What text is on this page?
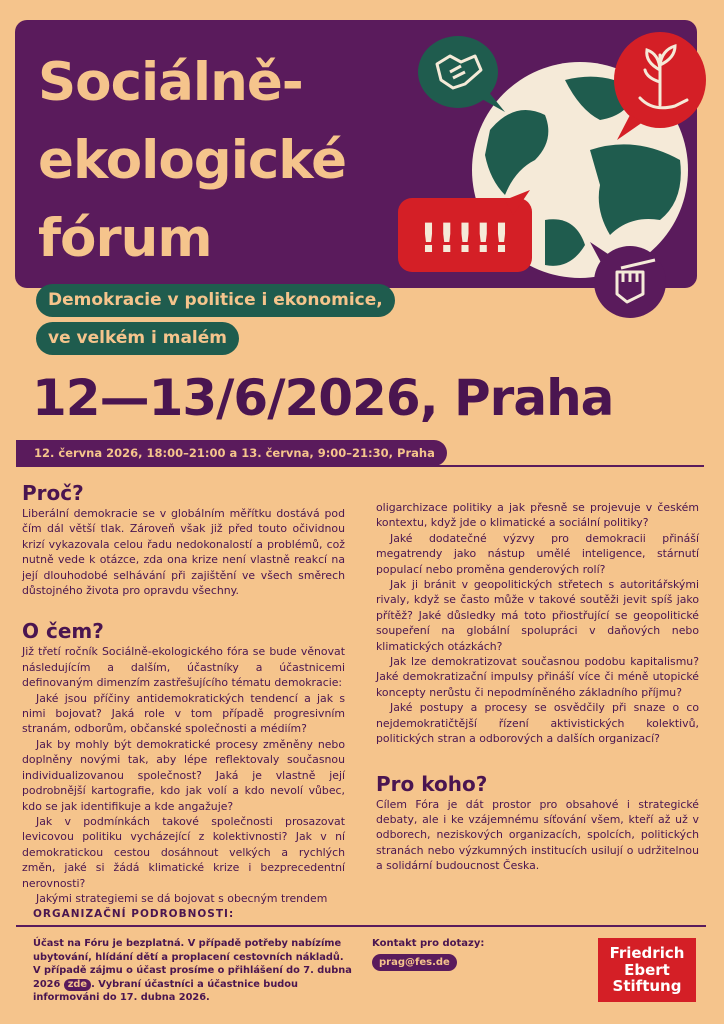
Sociálně-
ekologické
fórum	!!!!!
Demokracie v politice i ekonomice,
ve velkém i malém
12—13/6/2026, Praha
12. června 2026, 18:00–21:00 a 13. června, 9:00–21:30, Praha
Proč?

Liberální demokracie se v globálním měřítku dostává pod čím dál větší tlak. Zároveň však již před touto očividnou krizí vykazovala celou řadu nedokonalostí a problémů, což nutně vede k otázce, zda ona krize není vlastně reakcí na její dlouhodobé selhávání při zajištění ve všech směrech důstojného života pro opravdu všechny.

O čem?

Již třetí ročník Sociálně-ekologického fóra se bude věnovat následujícím a dalším, účastníky a účastnicemi definovaným dimenzím zastřešujícího tématu demokracie:

Jaké jsou příčiny antidemokratických tendencí a jak s nimi bojovat? Jaká role v tom případě progresivním stranám, odborům, občanské společnosti a médiím?

Jak by mohly být demokratické procesy změněny nebo doplněny novými tak, aby lépe reflektovaly současnou individualizovanou společnost? Jaká je vlastně její podrobnější kartografie, kdo jak volí a kdo nevolí vůbec, kdo se jak identifikuje a kde angažuje?

Jak v podmínkách takové společnosti prosazovat levicovou politiku vycházející z kolektivnosti? Jak v ní demokratickou cestou dosáhnout velkých a rychlých změn, jaké si žádá klimatické krize i bezprecedentní nerovnosti?

Jakými strategiemi se dá bojovat s obecným trendem

oligarchizace politiky a jak přesně se projevuje v českém kontextu, když jde o klimatické a sociální politiky?

Jaké dodatečné výzvy pro demokracii přináší megatrendy jako nástup umělé inteligence, stárnutí populací nebo proměna genderových rolí?

Jak ji bránit v geopolitických střetech s autoritářskými rivaly, když se často může v takové soutěži jevit spíš jako přítěž? Jaké důsledky má toto přiostřující se geopolitické soupeření na globální spolupráci v daňových nebo klimatických otázkách?

Jak lze demokratizovat současnou podobu kapitalismu? Jaké demokratizační impulsy přináší více či méně utopické koncepty nerůstu či nepodmíněného základního příjmu?

Jaké postupy a procesy se osvědčily při snaze o co nejdemokratičtější řízení aktivistických kolektivů, politických stran a odborových a dalších organizací?

Pro koho?

Cílem Fóra je dát prostor pro obsahové i strategické debaty, ale i ke vzájemnému síťování všem, kteří až už v odborech, neziskových organizacích, spolcích, politických stranách nebo výzkumných institucích usilují o udržitelnou a solidární budoucnost Česka.

ORGANIZAČNÍ PODROBNOSTI:

Účast na Fóru je bezplatná. V případě potřeby nabízíme ubytování, hlídání dětí a proplacení cestovních nákladů. V případě zájmu o účast prosíme o přihlášení do 7. dubna 2026 zde . Vybraní účastníci a účastnice budou informováni do 17. dubna 2026.

Kontakt pro dotazy:
prag@fes.de
Friedrich
Ebert
Stiftung
